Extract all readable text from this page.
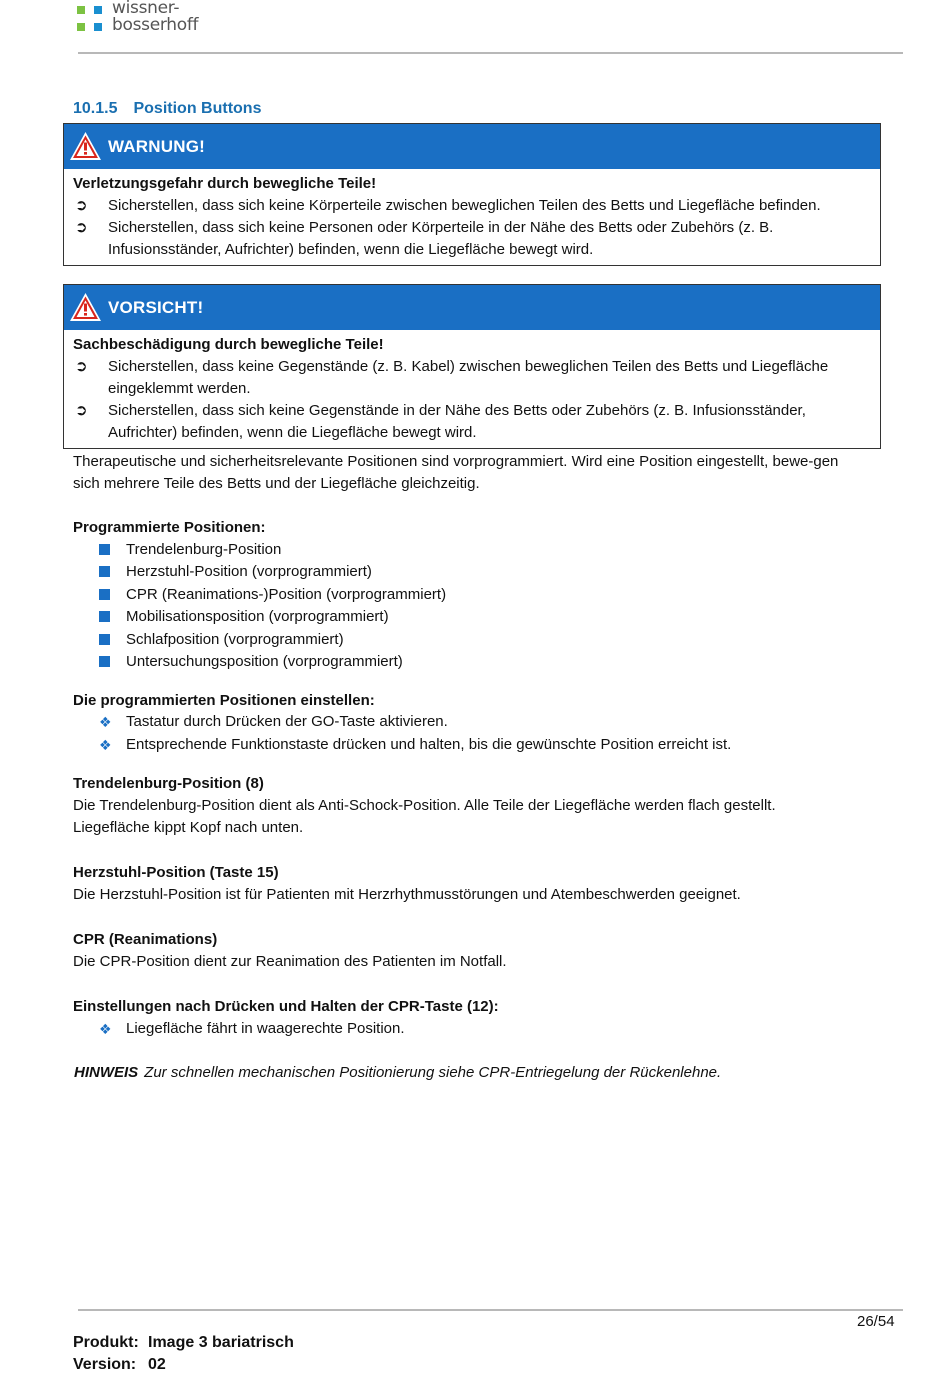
wissner-
bosserhoff
10.1.5 Position Buttons
WARNUNG!
Verletzungsgefahr durch bewegliche Teile!
➲ Sicherstellen, dass sich keine Körperteile zwischen beweglichen Teilen des Betts und Liegefläche befinden.
➲ Sicherstellen, dass sich keine Personen oder Körperteile in der Nähe des Betts oder Zubehörs (z. B. Infusionsständer, Aufrichter) befinden, wenn die Liegefläche bewegt wird.
VORSICHT!
Sachbeschädigung durch bewegliche Teile!
➲ Sicherstellen, dass keine Gegenstände (z. B. Kabel) zwischen beweglichen Teilen des Betts und Liegefläche eingeklemmt werden.
➲ Sicherstellen, dass sich keine Gegenstände in der Nähe des Betts oder Zubehörs (z. B. Infusionsständer, Aufrichter) befinden, wenn die Liegefläche bewegt wird.
Therapeutische und sicherheitsrelevante Positionen sind vorprogrammiert. Wird eine Position eingestellt, bewe-gen sich mehrere Teile des Betts und der Liegefläche gleichzeitig.
Programmierte Positionen:
Trendelenburg-Position
Herzstuhl-Position (vorprogrammiert)
CPR (Reanimations-)Position (vorprogrammiert)
Mobilisationsposition (vorprogrammiert)
Schlafposition (vorprogrammiert)
Untersuchungsposition (vorprogrammiert)
Die programmierten Positionen einstellen:
❖ Tastatur durch Drücken der GO-Taste aktivieren.
❖ Entsprechende Funktionstaste drücken und halten, bis die gewünschte Position erreicht ist.
Trendelenburg-Position (8)
Die Trendelenburg-Position dient als Anti-Schock-Position. Alle Teile der Liegefläche werden flach gestellt.
Liegefläche kippt Kopf nach unten.
Herzstuhl-Position (Taste 15)
Die Herzstuhl-Position ist für Patienten mit Herzrhythmusstörungen und Atembeschwerden geeignet.
CPR (Reanimations)
Die CPR-Position dient zur Reanimation des Patienten im Notfall.
Einstellungen nach Drücken und Halten der CPR-Taste (12):
❖ Liegefläche fährt in waagerechte Position.
HINWEIS Zur schnellen mechanischen Positionierung siehe CPR-Entriegelung der Rückenlehne.
26/54
Produkt: Image 3 bariatrisch
Version: 02
